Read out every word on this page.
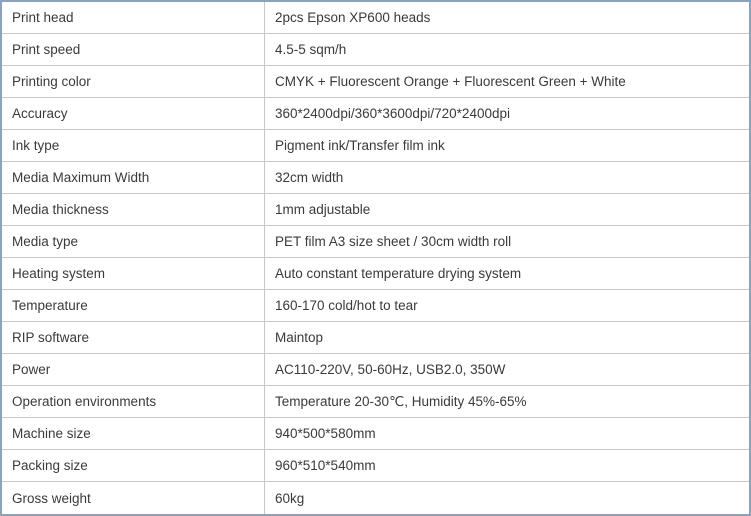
Print head	2pcs Epson XP600 heads
Print speed	4.5-5 sqm/h
Printing color	CMYK + Fluorescent Orange + Fluorescent Green + White
Accuracy	360*2400dpi/360*3600dpi/720*2400dpi
Ink type	Pigment ink/Transfer film ink
Media Maximum Width	32cm width
Media thickness	1mm adjustable
Media type	PET film A3 size sheet / 30cm width roll
Heating system	Auto constant temperature drying system
Temperature	160-170 cold/hot to tear
RIP software	Maintop
Power	AC110-220V, 50-60Hz, USB2.0, 350W
Operation environments	Temperature 20-30℃, Humidity 45%-65%
Machine size	940*500*580mm
Packing size	960*510*540mm
Gross weight	60kg
